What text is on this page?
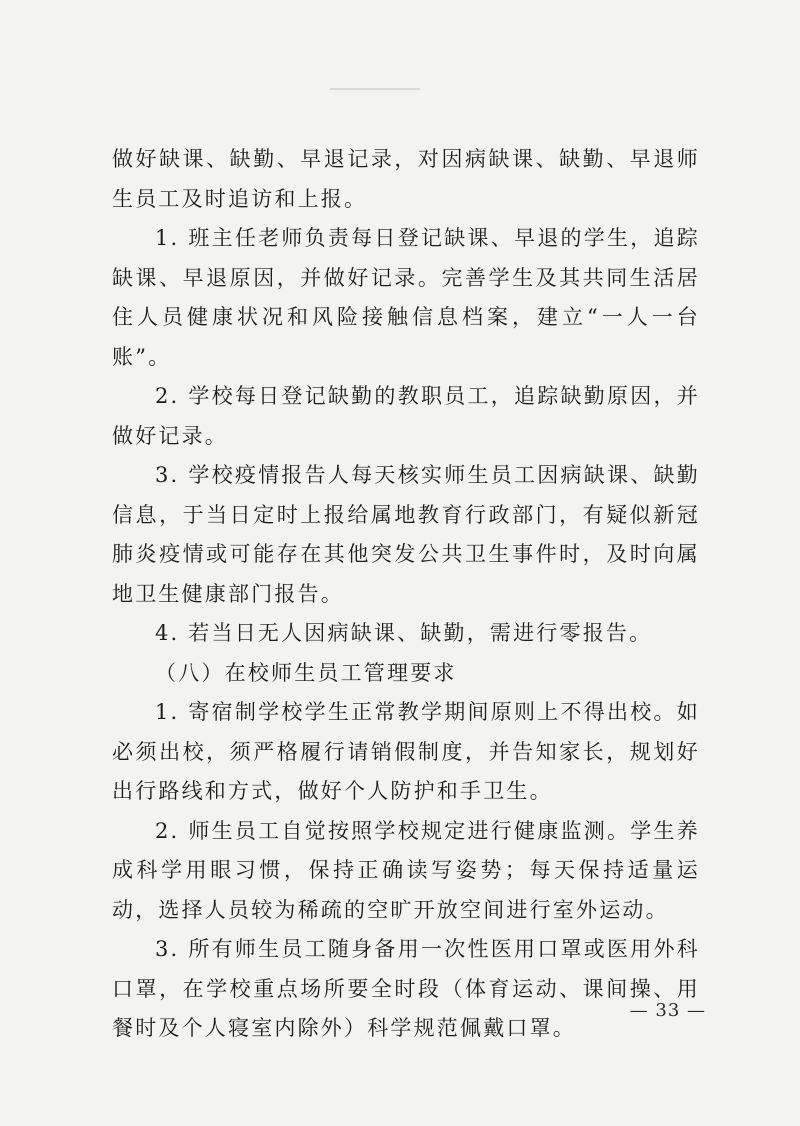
做好缺课、缺勤、早退记录，对因病缺课、缺勤、早退师生员工及时追访和上报。

1. 班主任老师负责每日登记缺课、早退的学生，追踪缺课、早退原因，并做好记录。完善学生及其共同生活居住人员健康状况和风险接触信息档案，建立“一人一台账”。

2. 学校每日登记缺勤的教职员工，追踪缺勤原因，并做好记录。

3. 学校疫情报告人每天核实师生员工因病缺课、缺勤信息，于当日定时上报给属地教育行政部门，有疑似新冠肺炎疫情或可能存在其他突发公共卫生事件时，及时向属地卫生健康部门报告。

4. 若当日无人因病缺课、缺勤，需进行零报告。

（八）在校师生员工管理要求

1. 寄宿制学校学生正常教学期间原则上不得出校。如必须出校，须严格履行请销假制度，并告知家长，规划好出行路线和方式，做好个人防护和手卫生。

2. 师生员工自觉按照学校规定进行健康监测。学生养成科学用眼习惯，保持正确读写姿势；每天保持适量运动，选择人员较为稀疏的空旷开放空间进行室外运动。

3. 所有师生员工随身备用一次性医用口罩或医用外科口罩，在学校重点场所要全时段（体育运动、课间操、用餐时及个人寝室内除外）科学规范佩戴口罩。

— 33 —
